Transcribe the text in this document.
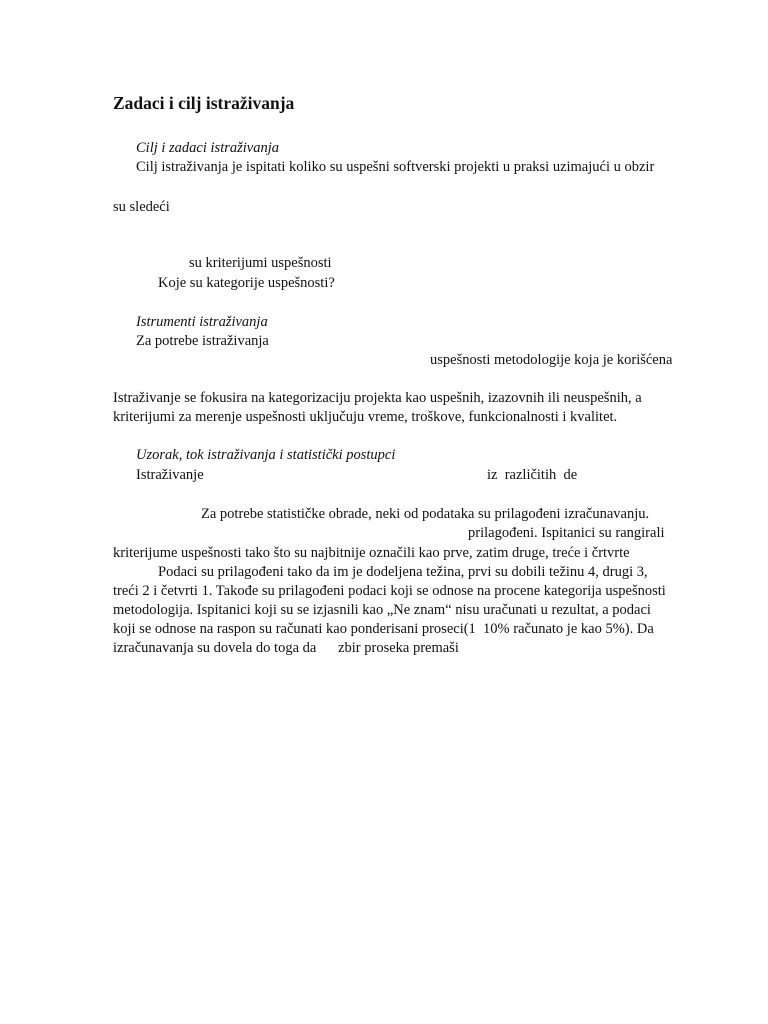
Zadaci i cilj istraživanja
Cilj i zadaci istraživanja
Cilj istraživanja je ispitati koliko su uspešni softverski projekti u praksi uzimajući u obzir
su sledeći
su kriterijumi uspešnosti
Koje su kategorije uspešnosti?
Istrumenti istraživanja
Za potrebe istraživanja
uspešnosti metodologije koja je korišćena
Istraživanje se fokusira na kategorizaciju projekta kao uspešnih, izazovnih ili neuspešnih, a
kriterijumi za merenje uspešnosti uključuju vreme, troškove, funkcionalnosti i kvalitet.
Uzorak, tok istraživanja i statistički postupci
Istraživanje	iz  različitih  de
Za potrebe statističke obrade, neki od podataka su prilagođeni izračunavanju.
prilagođeni. Ispitanici su rangirali
kriterijume uspešnosti tako što su najbitnije označili kao prve, zatim druge, treće i črtvrte
Podaci su prilagođeni tako da im je dodeljena težina, prvi su dobili težinu 4, drugi 3,
treći 2 i četvrti 1. Takođe su prilagođeni podaci koji se odnose na procene kategorija uspešnosti
metodologija. Ispitanici koji su se izjasnili kao „Ne znam“ nisu uračunati u rezultat, a podaci
koji se odnose na raspon su računati kao ponderisani proseci(1  10% računato je kao 5%). Da
izračunavanja su dovela do toga da      zbir proseka premaši
